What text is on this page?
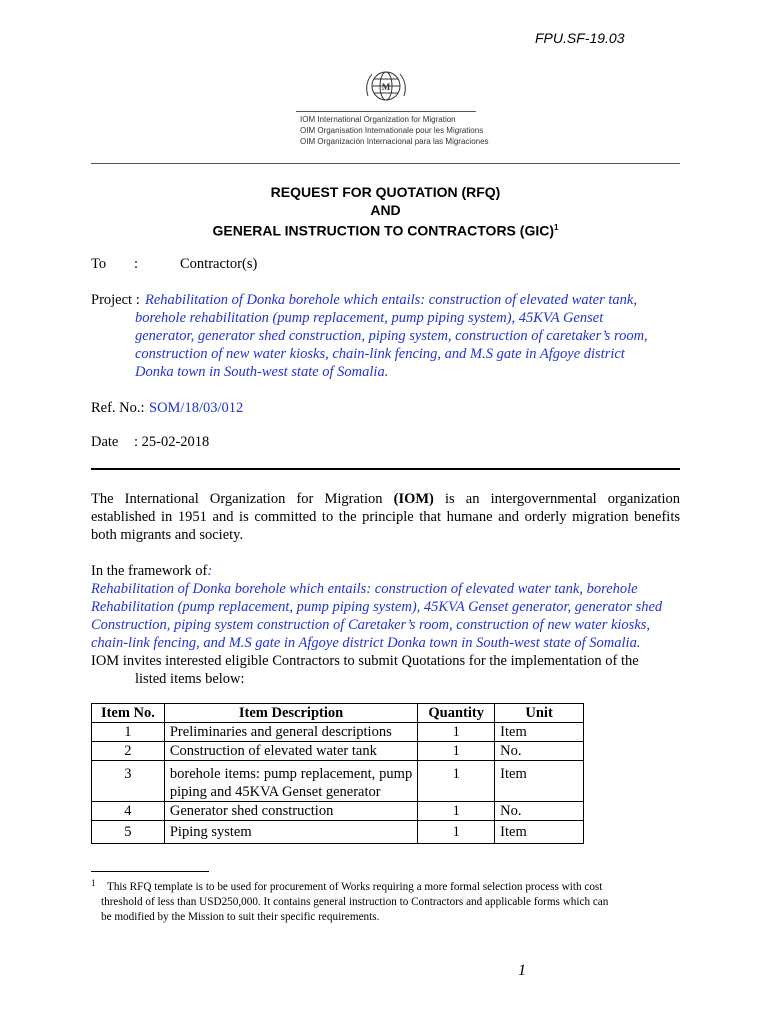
FPU.SF-19.03
M
IOM International Organization for Migration
OIM Organisation Internationale pour les Migrations
OIM Organización Internacional para las Migraciones
REQUEST FOR QUOTATION (RFQ)
AND
GENERAL INSTRUCTION TO CONTRACTORS (GIC)$^1$
To :	Contractor(s)
Project : Rehabilitation of Donka borehole which entails: construction of elevated water tank,
borehole rehabilitation (pump replacement, pump piping system), 45KVA Genset
generator, generator shed construction, piping system, construction of caretaker’s room,
construction of new water kiosks, chain-link fencing, and M.S gate in Afgoye district
Donka town in South-west state of Somalia.
Ref. No.: SOM/18/03/012
Date : 25-02-2018
The International Organization for Migration (IOM) is an intergovernmental organization established in 1951 and is committed to the principle that humane and orderly migration benefits both migrants and society.
In the framework of:
Rehabilitation of Donka borehole which entails: construction of elevated water tank, borehole
Rehabilitation (pump replacement, pump piping system), 45KVA Genset generator, generator shed
Construction, piping system construction of Caretaker’s room, construction of new water kiosks,
chain-link fencing, and M.S gate in Afgoye district Donka town in South-west state of Somalia.
IOM invites interested eligible Contractors to submit Quotations for the implementation of the
listed items below:
Item No.	Item Description	Quantity	Unit
1	Preliminaries and general descriptions	1	Item
2	Construction of elevated water tank	1	No.
3	borehole items: pump replacement, pump piping and 45KVA Genset generator	1	Item
4	Generator shed construction	1	No.
5	Piping system	1	Item
1 This RFQ template is to be used for procurement of Works requiring a more formal selection process with cost
threshold of less than USD250,000. It contains general instruction to Contractors and applicable forms which can
be modified by the Mission to suit their specific requirements.
1
